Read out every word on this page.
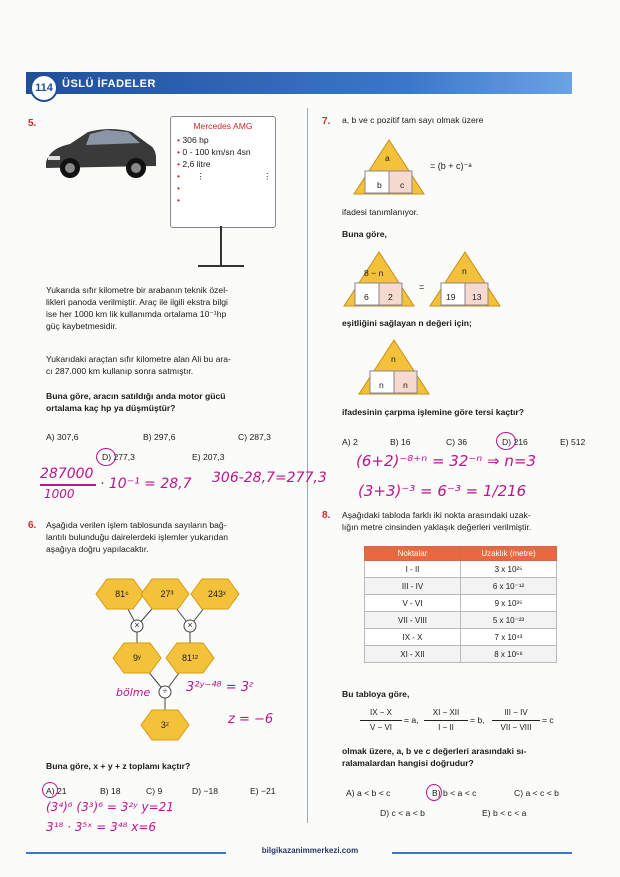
114 ÜSLÜ İFADELER
5.	Mercedes AMG
• 306 hp
• 0 - 100 km/sn 4sn
• 2,6 litre
• ⋮	⋮
•
•
Yukarıda sıfır kilometre bir arabanın teknik özel-
likleri panoda verilmiştir. Araç ile ilgili ekstra bilgi
ise her 1000 km lik kullanımda ortalama 10⁻¹hp
güç kaybetmesidir.
Yukarıdaki araçtan sıfır kilometre alan Ali bu ara-
cı 287.000 km kullanıp sonra satmıştır.
Buna göre, aracın satıldığı anda motor gücü
ortalama kaç hp ya düşmüştür?
A) 307,6	B) 297,6	C) 287,3
D) 277,3	E) 207,3
287000
1000
· 10⁻¹ = 28,7 306-28,7=277,3
6. Aşağıda verilen işlem tablosunda sayıların bağ-
lantılı bulunduğu dairelerdeki işlemler yukarıdan
aşağıya doğru yapılacaktır.
81⁶	27³	243ˣ
×	×
9ʸ	81¹²
÷
3ᶻ
bölme	3²ʸ⁻⁴⁸ = 3ᶻ
z = −6
Buna göre, x + y + z toplamı kaçtır?
A) 21	B) 18	C) 9	D) −18	E) −21
(3⁴)⁶ (3³)⁶ = 3²ʸ y=21
3¹⁸ · 3⁵ˣ = 3⁴⁸ x=6
7. a, b ve c pozitif tam sayı olmak üzere
a
b c
= (b + c)⁻ᵃ
ifadesi tanımlanıyor.
Buna göre,
8 − n
6 2
=
n
19 13
eşitliğini sağlayan n değeri için;
n
n n
ifadesinin çarpma işlemine göre tersi kaçtır?
A) 2	B) 16	C) 36	D) 216	E) 512
(6+2)⁻⁸⁺ⁿ = 32⁻ⁿ ⇒ n=3
(3+3)⁻³ = 6⁻³ = 1/216
8. Aşağıdaki tabloda farklı iki nokta arasındaki uzak-
lığın metre cinsinden yaklaşık değerleri verilmiştir.
Noktalar	Uzaklık (metre)
I - II	3 x 10²⁵
III - IV	6 x 10⁻¹²
V - VI	9 x 10³⁵
VII - VIII	5 x 10⁻²³
IX - X	7 x 10⁴³
XI - XII	8 x 10⁵⁸
Bu tabloya göre,
IX − X
V − VI
= a,
XI − XII
I − II
= b,
III − IV
VII − VIII
= c
olmak üzere, a, b ve c değerleri arasındaki sı-
ralamalardan hangisi doğrudur?
A) a < b < c	B) b < a < c	C) a < c < b
D) c < a < b	E) b < c < a
bilgikazanimmerkezi.com
